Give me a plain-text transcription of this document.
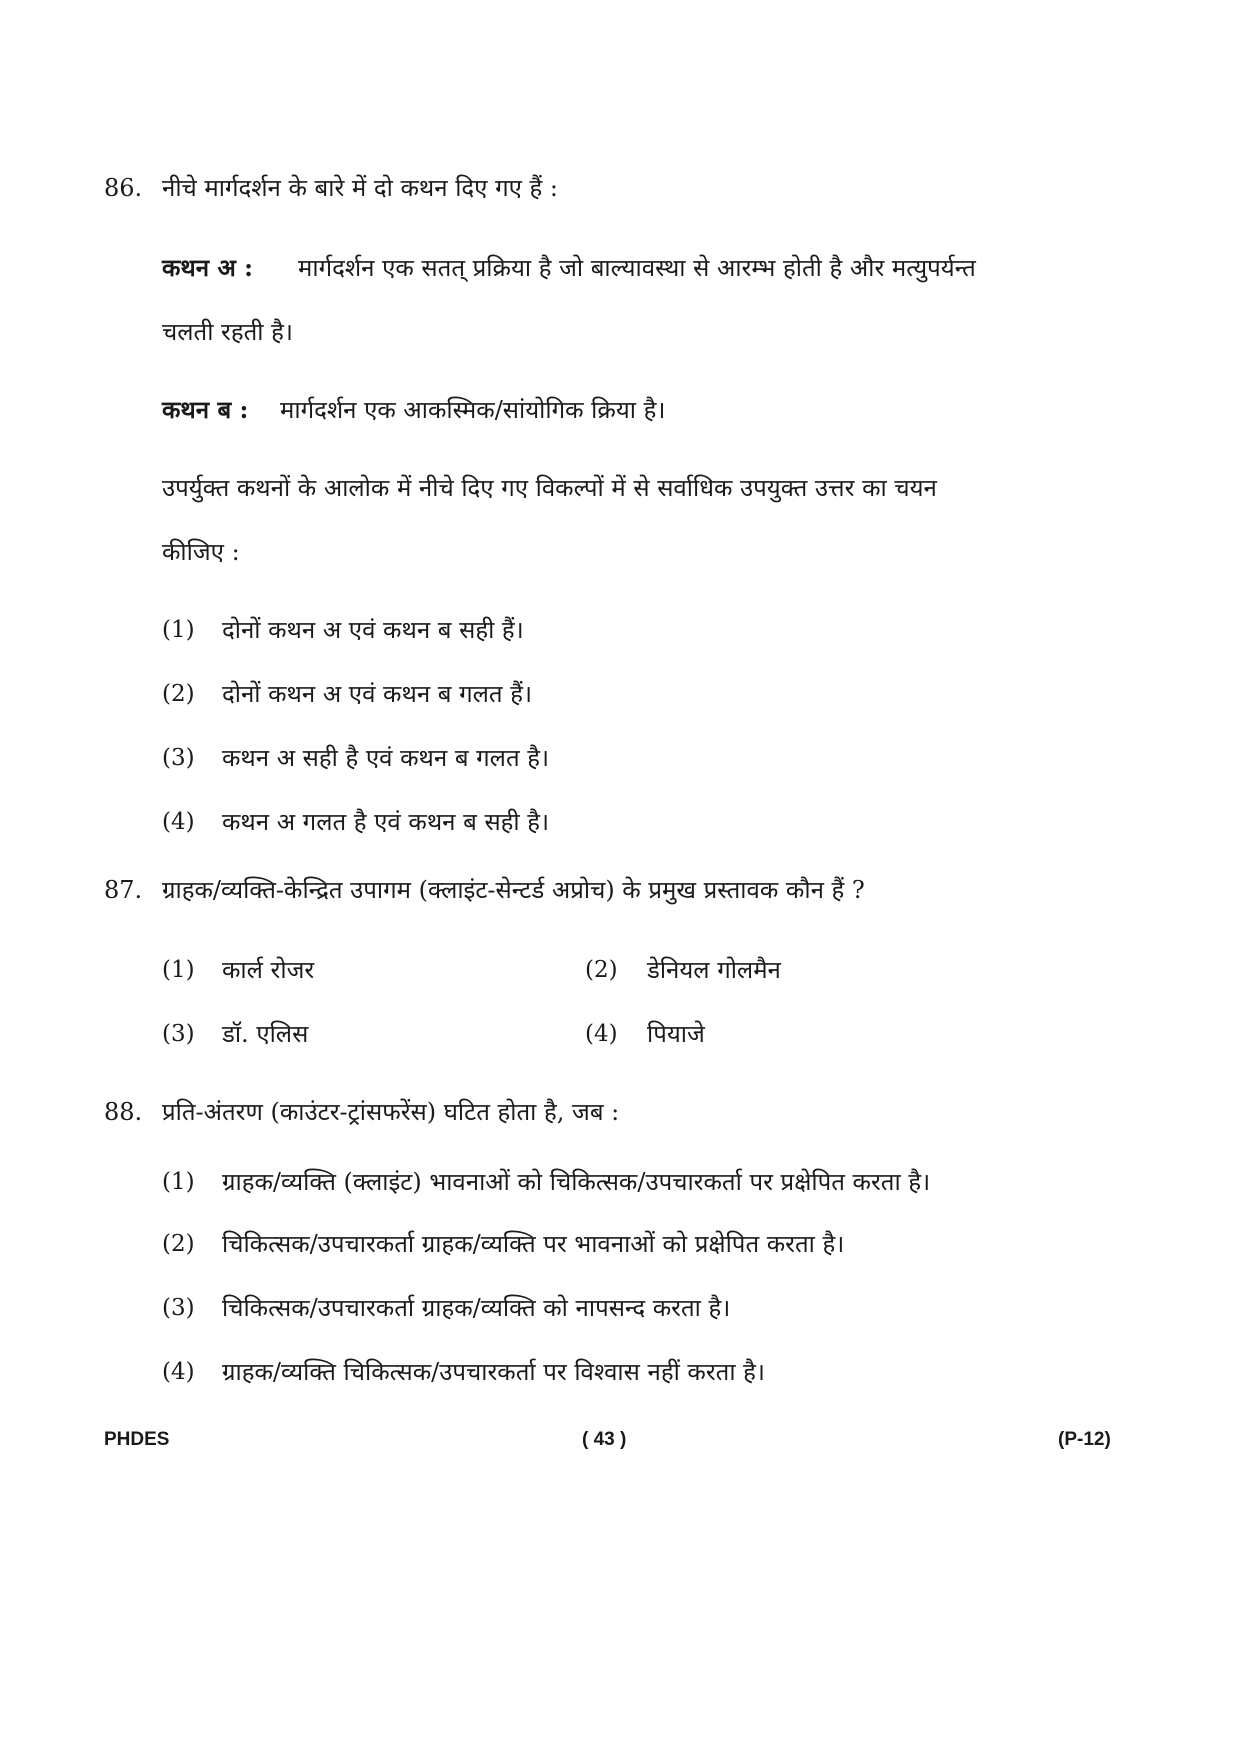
86. नीचे मार्गदर्शन के बारे में दो कथन दिए गए हैं :
कथन अ : मार्गदर्शन एक सतत् प्रक्रिया है जो बाल्यावस्था से आरम्भ होती है और मत्युपर्यन्त
चलती रहती है।
कथन ब : मार्गदर्शन एक आकस्मिक/सांयोगिक क्रिया है।
उपर्युक्त कथनों के आलोक में नीचे दिए गए विकल्पों में से सर्वाधिक उपयुक्त उत्तर का चयन
कीजिए :
(1) दोनों कथन अ एवं कथन ब सही हैं।
(2) दोनों कथन अ एवं कथन ब गलत हैं।
(3) कथन अ सही है एवं कथन ब गलत है।
(4) कथन अ गलत है एवं कथन ब सही है।
87. ग्राहक/व्यक्ति-केन्द्रित उपागम (क्लाइंट-सेन्टर्ड अप्रोच) के प्रमुख प्रस्तावक कौन हैं ?
(1) कार्ल रोजर	(2) डेनियल गोलमैन
(3) डॉ. एलिस	(4) पियाजे
88. प्रति-अंतरण (काउंटर-ट्रांसफरेंस) घटित होता है, जब :
(1) ग्राहक/व्यक्ति (क्लाइंट) भावनाओं को चिकित्सक/उपचारकर्ता पर प्रक्षेपित करता है।
(2) चिकित्सक/उपचारकर्ता ग्राहक/व्यक्ति पर भावनाओं को प्रक्षेपित करता है।
(3) चिकित्सक/उपचारकर्ता ग्राहक/व्यक्ति को नापसन्द करता है।
(4) ग्राहक/व्यक्ति चिकित्सक/उपचारकर्ता पर विश्वास नहीं करता है।
PHDES	( 43 )	(P-12)
